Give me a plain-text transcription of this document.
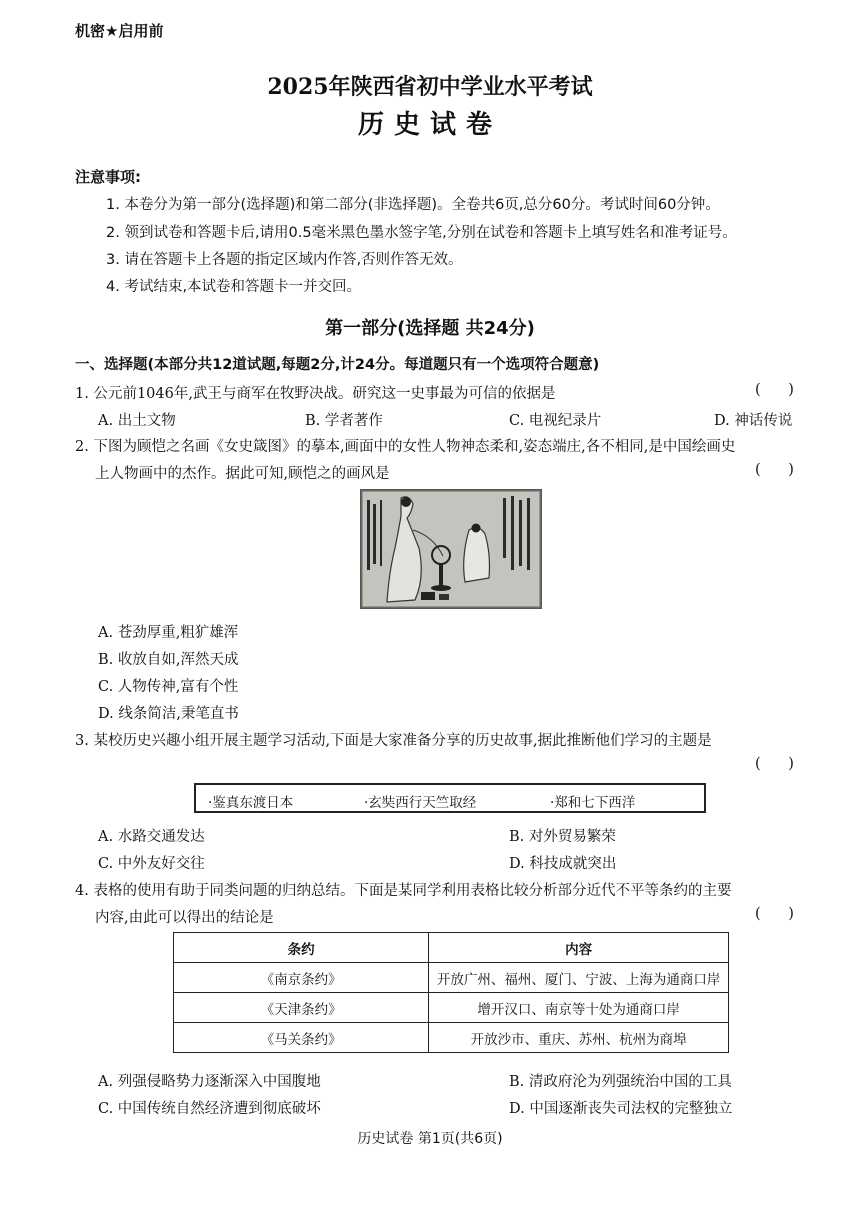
机密★启用前
2025年陕西省初中学业水平考试
历史试卷
注意事项:
1. 本卷分为第一部分(选择题)和第二部分(非选择题)。全卷共6页,总分60分。考试时间60分钟。
2. 领到试卷和答题卡后,请用0.5毫米黑色墨水签字笔,分别在试卷和答题卡上填写姓名和准考证号。
3. 请在答题卡上各题的指定区域内作答,否则作答无效。
4. 考试结束,本试卷和答题卡一并交回。
第一部分(选择题 共24分)
一、选择题(本部分共12道试题,每题2分,计24分。每道题只有一个选项符合题意)
1. 公元前1046年,武王与商军在牧野决战。研究这一史事最为可信的依据是	(      )
A. 出土文物	B. 学者著作	C. 电视纪录片	D. 神话传说
2. 下图为顾恺之名画《女史箴图》的摹本,画面中的女性人物神态柔和,姿态端庄,各不相同,是中国绘画史
上人物画中的杰作。据此可知,顾恺之的画风是	(      )
A. 苍劲厚重,粗犷雄浑
B. 收放自如,浑然天成
C. 人物传神,富有个性
D. 线条简洁,秉笔直书
3. 某校历史兴趣小组开展主题学习活动,下面是大家准备分享的历史故事,据此推断他们学习的主题是
(      )
·鉴真东渡日本	·玄奘西行天竺取经	·郑和七下西洋
A. 水路交通发达	B. 对外贸易繁荣
C. 中外友好交往	D. 科技成就突出
4. 表格的使用有助于同类问题的归纳总结。下面是某同学利用表格比较分析部分近代不平等条约的主要
内容,由此可以得出的结论是	(      )
条约	内容
《南京条约》	开放广州、福州、厦门、宁波、上海为通商口岸
《天津条约》	增开汉口、南京等十处为通商口岸
《马关条约》	开放沙市、重庆、苏州、杭州为商埠
A. 列强侵略势力逐渐深入中国腹地	B. 清政府沦为列强统治中国的工具
C. 中国传统自然经济遭到彻底破坏	D. 中国逐渐丧失司法权的完整独立
历史试卷 第1页(共6页)
